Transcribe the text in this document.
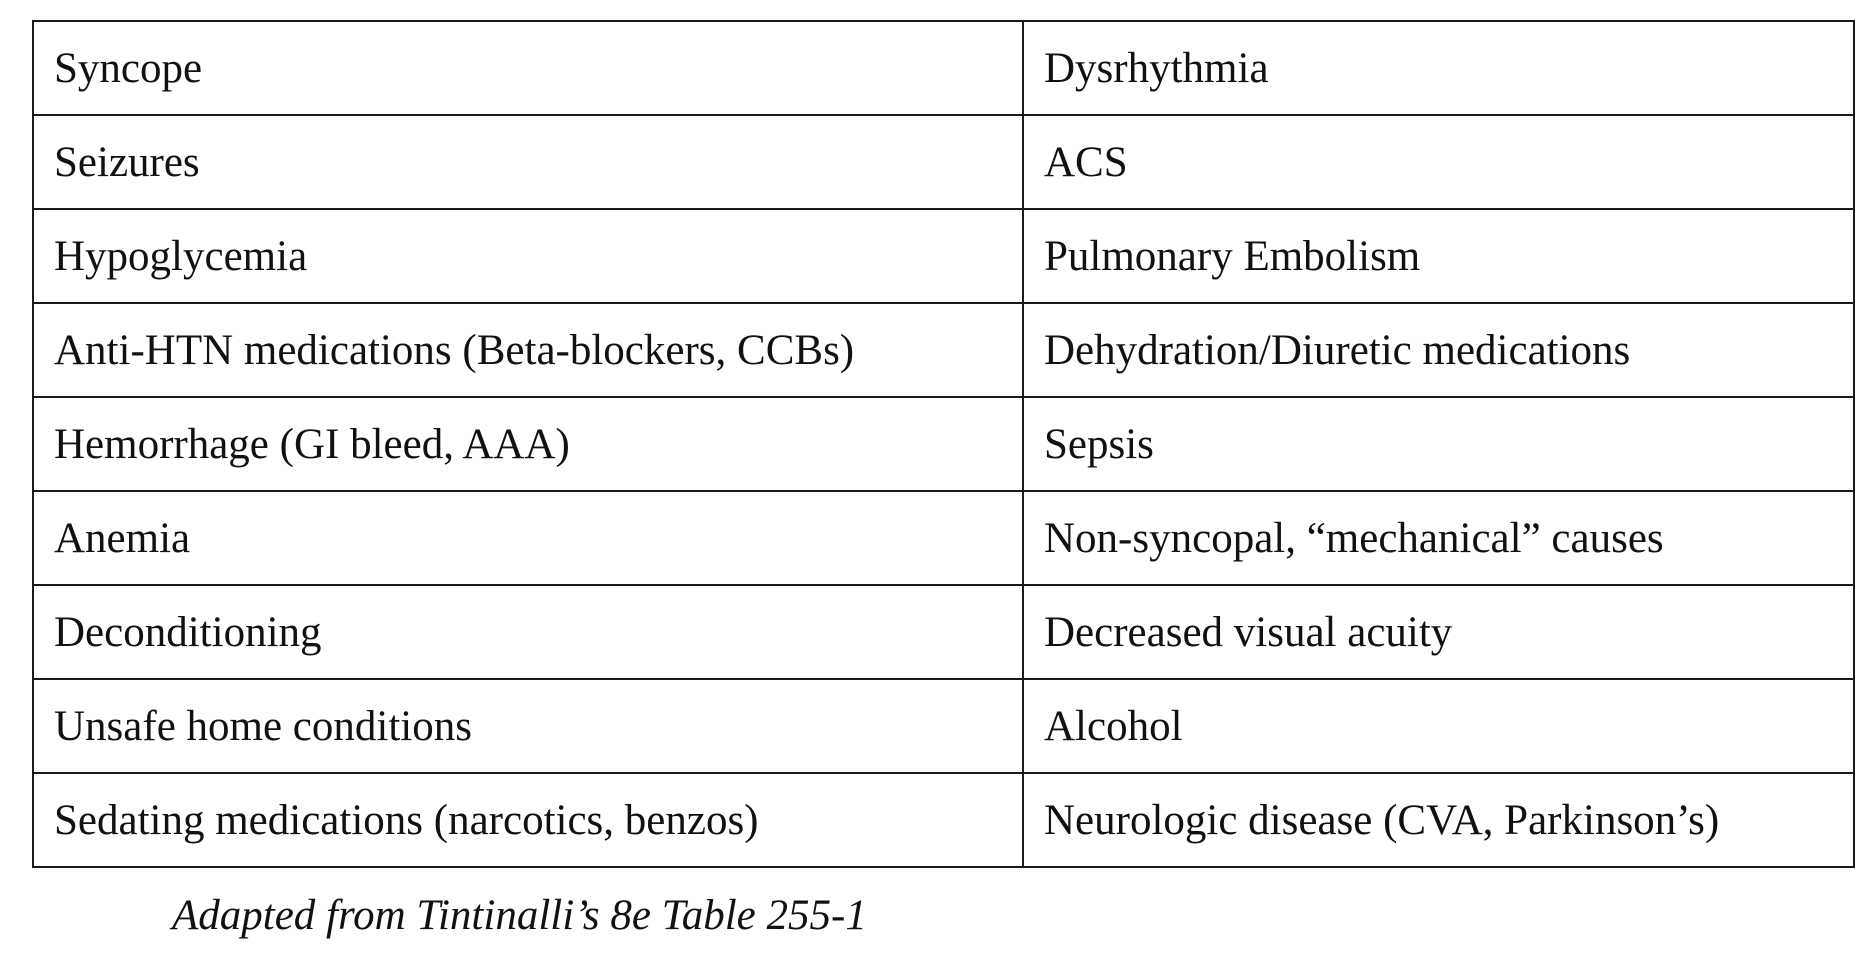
Syncope	Dysrhythmia
Seizures	ACS
Hypoglycemia	Pulmonary Embolism
Anti-HTN medications (Beta-blockers, CCBs)	Dehydration/Diuretic medications
Hemorrhage (GI bleed, AAA)	Sepsis
Anemia	Non-syncopal, “mechanical” causes
Deconditioning	Decreased visual acuity
Unsafe home conditions	Alcohol
Sedating medications (narcotics, benzos)	Neurologic disease (CVA, Parkinson’s)
Adapted from Tintinalli’s 8e Table 255-1
